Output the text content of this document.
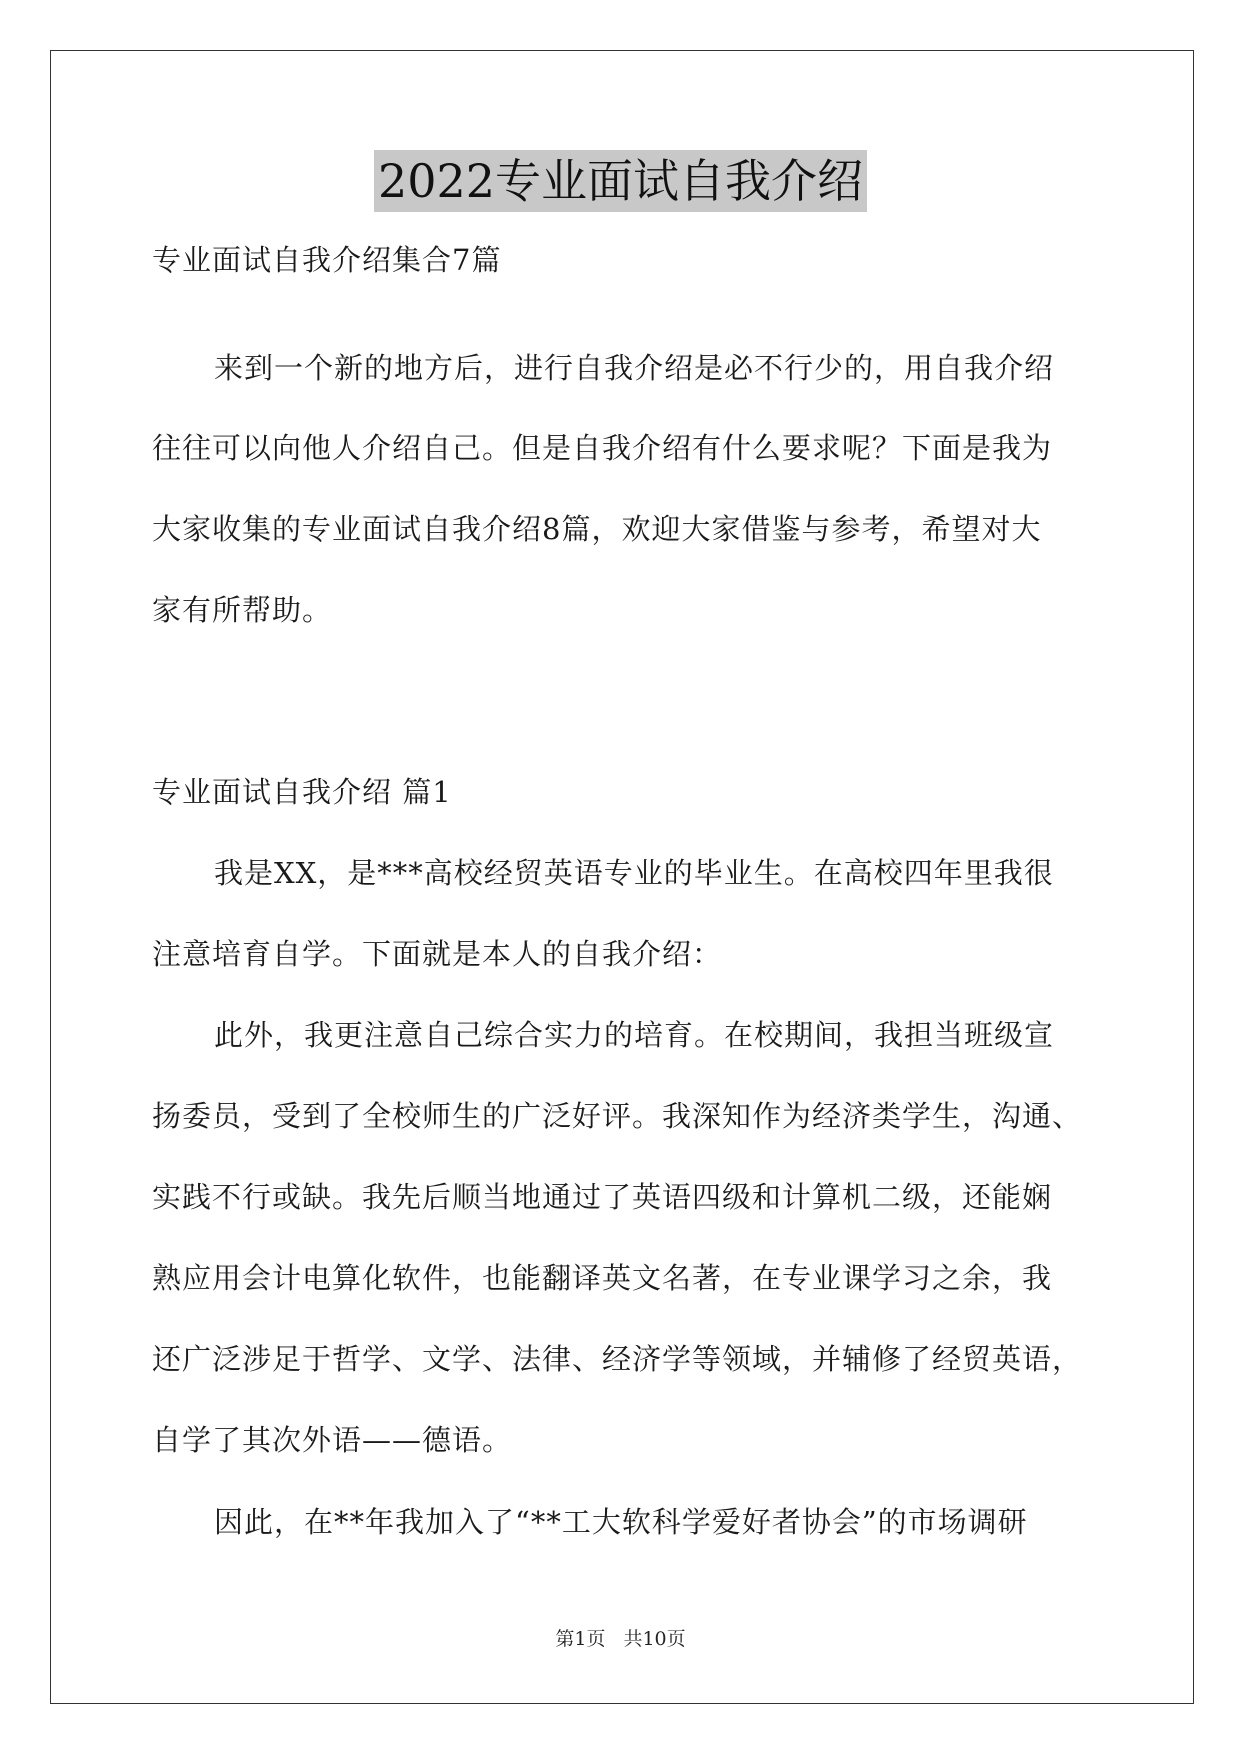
2022专业面试自我介绍
专业面试自我介绍集合7篇
来到一个新的地方后，进行自我介绍是必不行少的，用自我介绍
往往可以向他人介绍自己。但是自我介绍有什么要求呢？下面是我为
大家收集的专业面试自我介绍8篇，欢迎大家借鉴与参考，希望对大
家有所帮助。
专业面试自我介绍 篇1
我是XX，是***高校经贸英语专业的毕业生。在高校四年里我很
注意培育自学。下面就是本人的自我介绍：
此外，我更注意自己综合实力的培育。在校期间，我担当班级宣
扬委员，受到了全校师生的广泛好评。我深知作为经济类学生，沟通、
实践不行或缺。我先后顺当地通过了英语四级和计算机二级，还能娴
熟应用会计电算化软件，也能翻译英文名著，在专业课学习之余，我
还广泛涉足于哲学、文学、法律、经济学等领域，并辅修了经贸英语，
自学了其次外语——德语。
因此，在**年我加入了“**工大软科学爱好者协会”的市场调研
第1页 共10页
